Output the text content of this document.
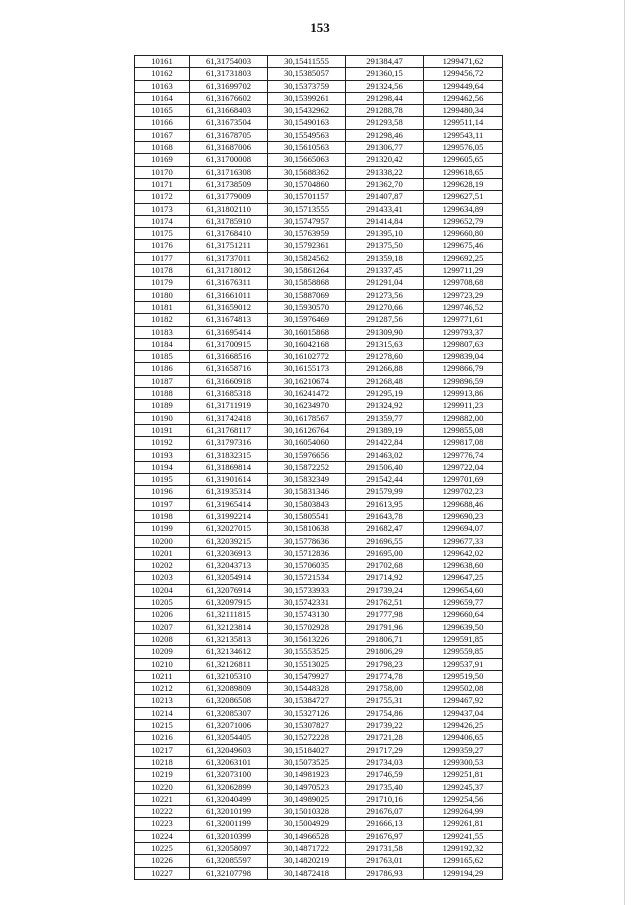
153
10161	61,31754003	30,15411555	291384,47	1299471,62
10162	61,31731803	30,15385057	291360,15	1299456,72
10163	61,31699702	30,15373759	291324,56	1299449,64
10164	61,31676602	30,15399261	291298,44	1299462,56
10165	61,31668403	30,15432962	291288,78	1299480,34
10166	61,31673504	30,15490163	291293,58	1299511,14
10167	61,31678705	30,15549563	291298,46	1299543,11
10168	61,31687006	30,15610563	291306,77	1299576,05
10169	61,31700008	30,15665063	291320,42	1299605,65
10170	61,31716308	30,15688362	291338,22	1299618,65
10171	61,31738509	30,15704860	291362,70	1299628,19
10172	61,31779009	30,15701157	291407,87	1299627,51
10173	61,31802110	30,15713555	291433,41	1299634,89
10174	61,31785910	30,15747957	291414,84	1299652,79
10175	61,31768410	30,15763959	291395,10	1299660,80
10176	61,31751211	30,15792361	291375,50	1299675,46
10177	61,31737011	30,15824562	291359,18	1299692,25
10178	61,31718012	30,15861264	291337,45	1299711,29
10179	61,31676311	30,15858868	291291,04	1299708,68
10180	61,31661011	30,15887069	291273,56	1299723,29
10181	61,31659012	30,15930570	291270,66	1299746,52
10182	61,31674813	30,15976469	291287,56	1299771,61
10183	61,31695414	30,16015868	291309,90	1299793,37
10184	61,31700915	30,16042168	291315,63	1299807,63
10185	61,31668516	30,16102772	291278,60	1299839,04
10186	61,31658716	30,16155173	291266,88	1299866,79
10187	61,31660918	30,16210674	291268,48	1299896,59
10188	61,31685318	30,16241472	291295,19	1299913,86
10189	61,31711919	30,16234970	291324,92	1299911,23
10190	61,31742418	30,16178567	291359,77	1299882,00
10191	61,31768117	30,16126764	291389,19	1299855,08
10192	61,31797316	30,16054060	291422,84	1299817,08
10193	61,31832315	30,15976656	291463,02	1299776,74
10194	61,31869814	30,15872252	291506,40	1299722,04
10195	61,31901614	30,15832349	291542,44	1299701,69
10196	61,31935314	30,15831346	291579,99	1299702,23
10197	61,31965414	30,15803843	291613,95	1299688,46
10198	61,31992214	30,15805541	291643,78	1299690,23
10199	61,32027015	30,15810638	291682,47	1299694,07
10200	61,32039215	30,15778636	291696,55	1299677,33
10201	61,32036913	30,15712836	291695,00	1299642,02
10202	61,32043713	30,15706035	291702,68	1299638,60
10203	61,32054914	30,15721534	291714,92	1299647,25
10204	61,32076914	30,15733933	291739,24	1299654,60
10205	61,32097915	30,15742331	291762,51	1299659,77
10206	61,32111815	30,15743130	291777,98	1299660,64
10207	61,32123814	30,15702928	291791,96	1299639,50
10208	61,32135813	30,15613226	291806,71	1299591,85
10209	61,32134612	30,15553525	291806,29	1299559,85
10210	61,32126811	30,15513025	291798,23	1299537,91
10211	61,32105310	30,15479927	291774,78	1299519,50
10212	61,32089809	30,15448328	291758,00	1299502,08
10213	61,32086508	30,15384727	291755,31	1299467,92
10214	61,32085307	30,15327126	291754,86	1299437,04
10215	61,32071006	30,15307827	291739,22	1299426,25
10216	61,32054405	30,15272228	291721,28	1299406,65
10217	61,32049603	30,15184027	291717,29	1299359,27
10218	61,32063101	30,15073525	291734,03	1299300,53
10219	61,32073100	30,14981923	291746,59	1299251,81
10220	61,32062899	30,14970523	291735,40	1299245,37
10221	61,32040499	30,14989025	291710,16	1299254,56
10222	61,32010199	30,15010328	291676,07	1299264,99
10223	61,32001199	30,15004929	291666,13	1299261,81
10224	61,32010399	30,14966528	291676,97	1299241,55
10225	61,32058097	30,14871722	291731,58	1299192,32
10226	61,32085597	30,14820219	291763,01	1299165,62
10227	61,32107798	30,14872418	291786,93	1299194,29
